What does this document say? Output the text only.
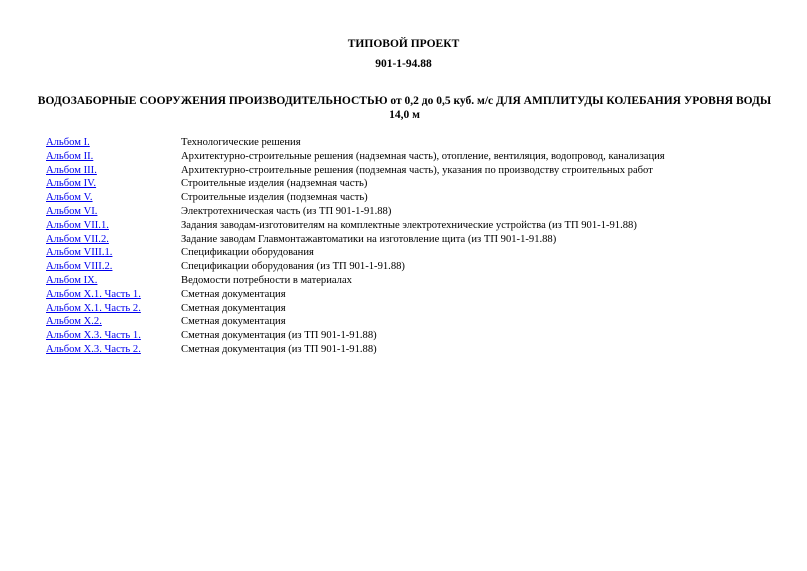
ТИПОВОЙ ПРОЕКТ
901-1-94.88
ВОДОЗАБОРНЫЕ СООРУЖЕНИЯ ПРОИЗВОДИТЕЛЬНОСТЬЮ от 0,2 до 0,5 куб. м/с ДЛЯ АМПЛИТУДЫ КОЛЕБАНИЯ УРОВНЯ ВОДЫ 14,0 м
Альбом I.	Технологические решения
Альбом II.	Архитектурно-строительные решения (надземная часть), отопление, вентиляция, водопровод, канализация
Альбом III.	Архитектурно-строительные решения (подземная часть), указания по производству строительных работ
Альбом IV.	Строительные изделия (надземная часть)
Альбом V.	Строительные изделия (подземная часть)
Альбом VI.	Электротехническая часть (из ТП 901-1-91.88)
Альбом VII.1.	Задания заводам-изготовителям на комплектные электротехнические устройства (из ТП 901-1-91.88)
Альбом VII.2.	Задание заводам Главмонтажавтоматики на изготовление щита (из ТП 901-1-91.88)
Альбом VIII.1.	Спецификации оборудования
Альбом VIII.2.	Спецификации оборудования (из ТП 901-1-91.88)
Альбом IX.	Ведомости потребности в материалах
Альбом X.1. Часть 1.	Сметная документация
Альбом X.1. Часть 2.	Сметная документация
Альбом X.2.	Сметная документация
Альбом X.3. Часть 1.	Сметная документация (из ТП 901-1-91.88)
Альбом X.3. Часть 2.	Сметная документация (из ТП 901-1-91.88)
